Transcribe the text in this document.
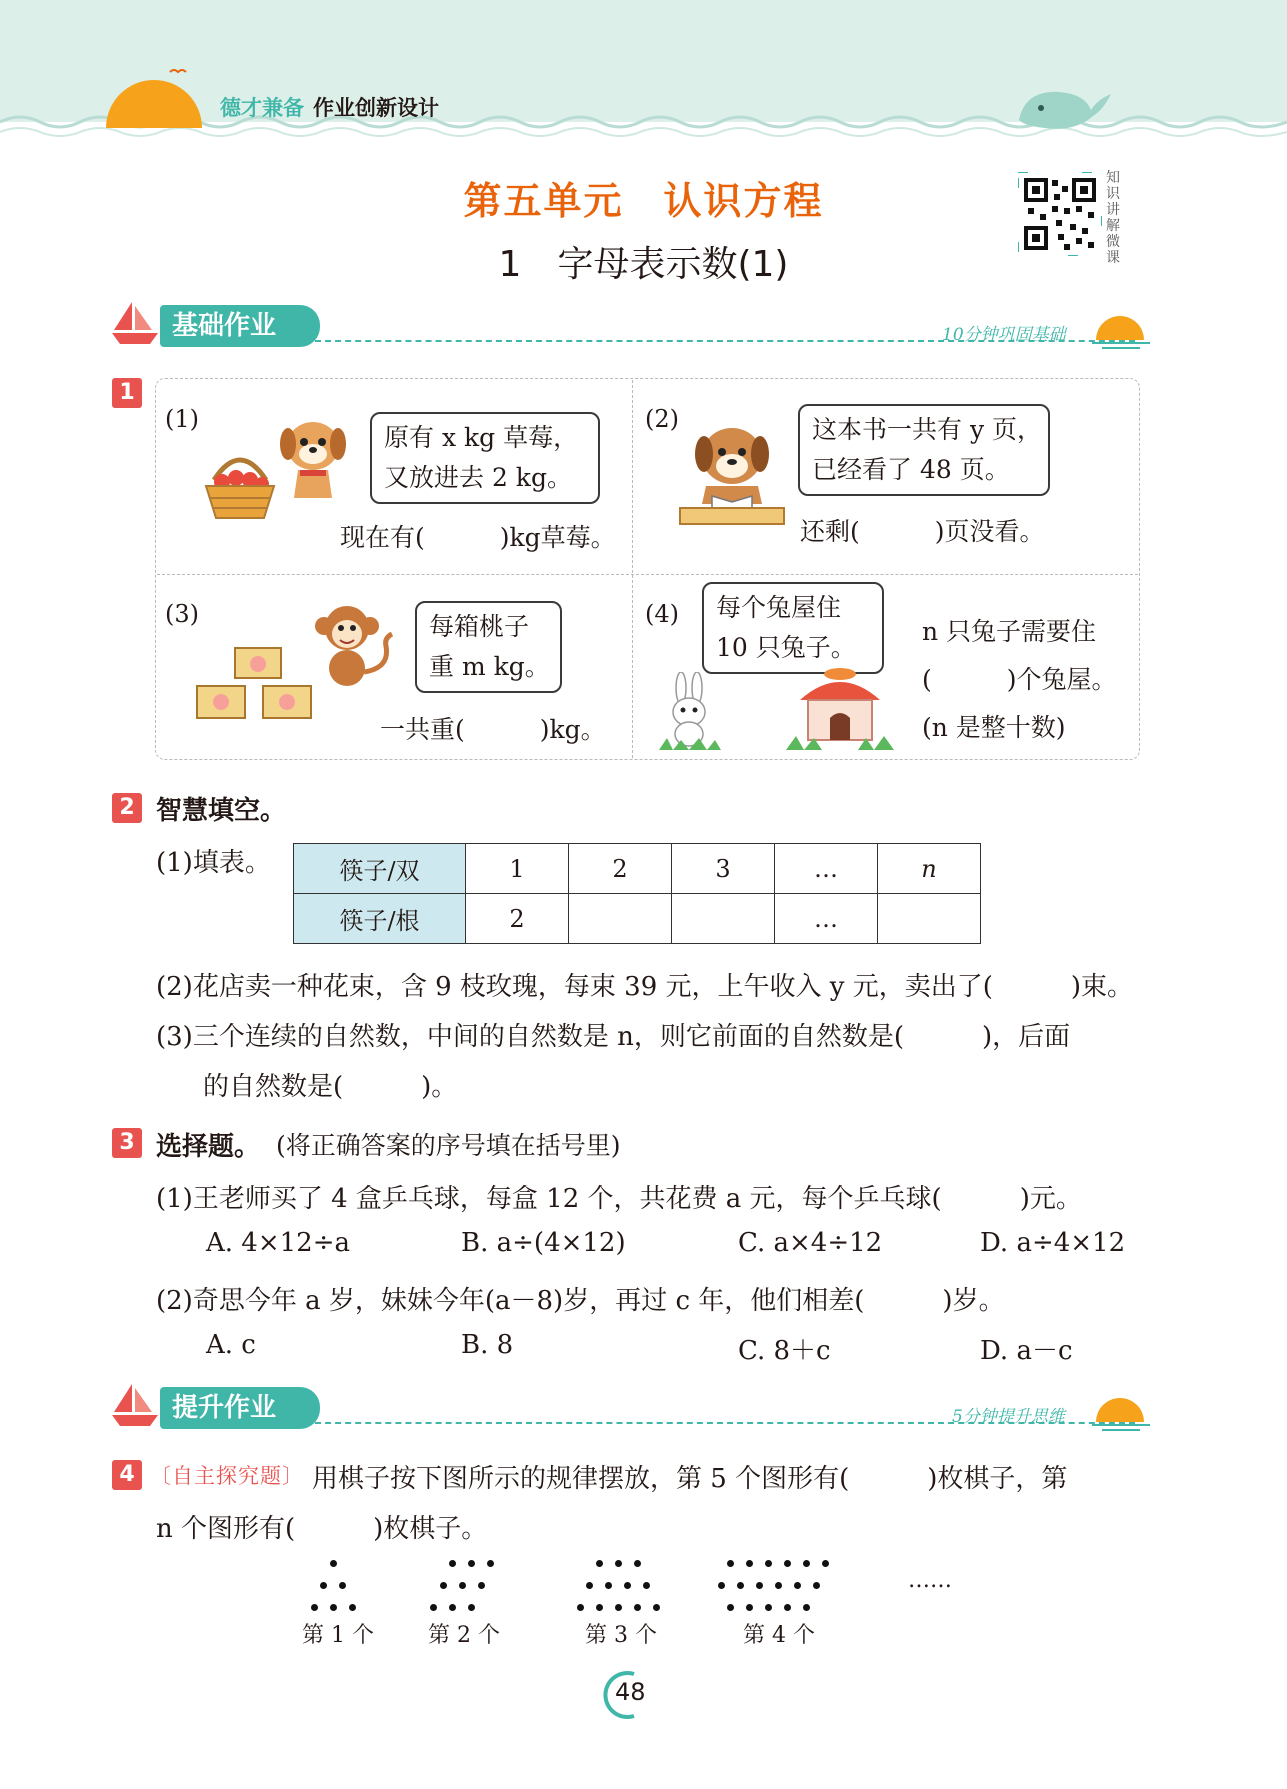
德才兼备 作业创新设计
第五单元　认识方程
1　字母表示数(1)
知识讲解微课
基础作业	10分钟巩固基础
1
(1)
原有 x kg 草莓，
又放进去 2 kg。
现在有(　　　)kg草莓。
(2)	这本书一共有 y 页，
已经看了 48 页。
还剩(　　　)页没看。
(3)	每箱桃子
重 m kg。
一共重(　　　)kg。
(4) 每个兔屋住
10 只兔子。
n 只兔子需要住
(　　　)个兔屋。
(n 是整十数)
2 智慧填空。
(1)填表。	筷子/双	1	2	3	…	n
筷子/根	2			…	
(2)花店卖一种花束，含 9 枝玫瑰，每束 39 元，上午收入 y 元，卖出了(　　　)束。
(3)三个连续的自然数，中间的自然数是 n，则它前面的自然数是(　　　)，后面
的自然数是(　　　)。
3 选择题。 (将正确答案的序号填在括号里)
(1)王老师买了 4 盒乒乓球，每盒 12 个，共花费 a 元，每个乒乓球(　　　)元。
A. 4×12÷a	B. a÷(4×12)	C. a×4÷12	D. a÷4×12
(2)奇思今年 a 岁，妹妹今年(a－8)岁，再过 c 年，他们相差(　　　)岁。
A. c	B. 8	C. 8＋c	D. a－c
提升作业	5分钟提升思维
4 〔自主探究题〕 用棋子按下图所示的规律摆放，第 5 个图形有(　　　)枚棋子，第
n 个图形有(　　　)枚棋子。
第 1 个 第 2 个	第 3 个	第 4 个
……
48
